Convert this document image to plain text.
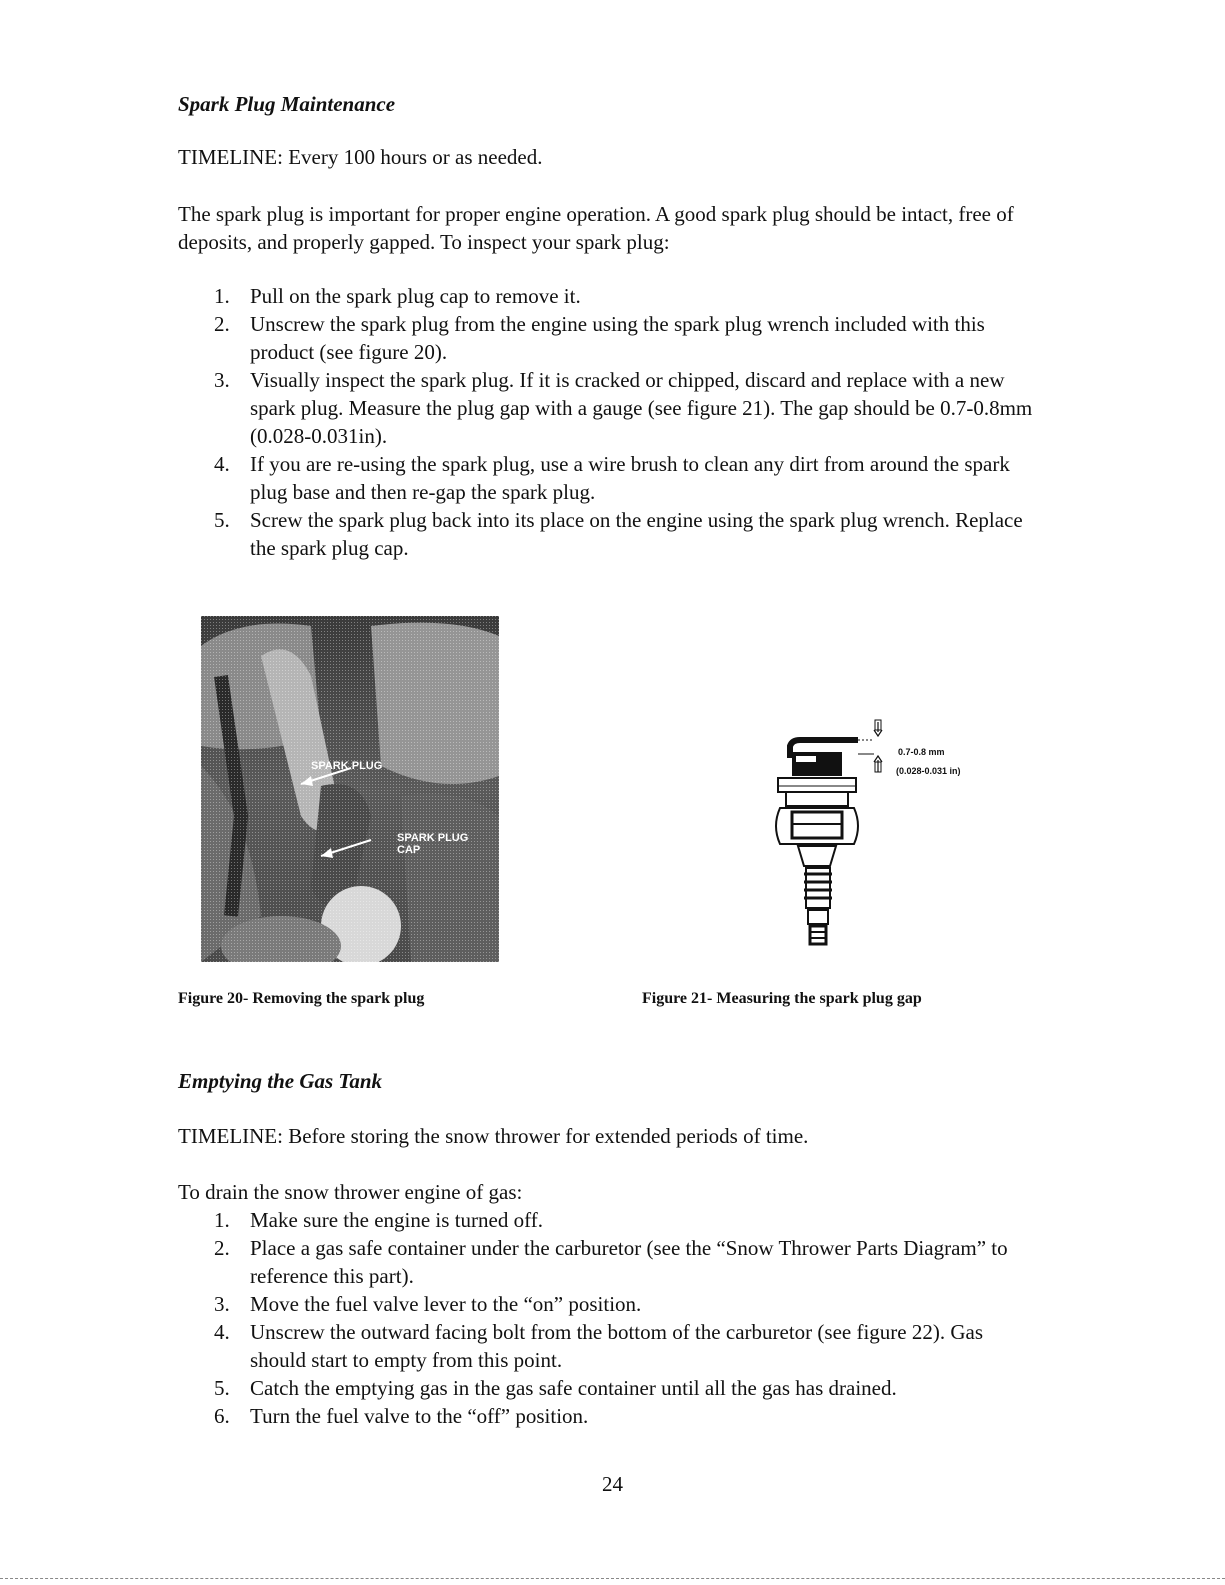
Spark Plug Maintenance

TIMELINE: Every 100 hours or as needed.

The spark plug is important for proper engine operation. A good spark plug should be intact, free of deposits, and properly gapped. To inspect your spark plug:

1. Pull on the spark plug cap to remove it.
2. Unscrew the spark plug from the engine using the spark plug wrench included with this product (see figure 20).
3. Visually inspect the spark plug. If it is cracked or chipped, discard and replace with a new spark plug. Measure the plug gap with a gauge (see figure 21). The gap should be 0.7-0.8mm (0.028-0.031in).
4. If you are re-using the spark plug, use a wire brush to clean any dirt from around the spark plug base and then re-gap the spark plug.
5. Screw the spark plug back into its place on the engine using the spark plug wrench. Replace the spark plug cap.
SPARK PLUG
SPARK PLUG
CAP
0.7-0.8 mm
(0.028-0.031 in)

Figure 20- Removing the spark plug	Figure 21- Measuring the spark plug gap

Emptying the Gas Tank

TIMELINE: Before storing the snow thrower for extended periods of time.

To drain the snow thrower engine of gas:

1. Make sure the engine is turned off.
2. Place a gas safe container under the carburetor (see the “Snow Thrower Parts Diagram” to reference this part).
3. Move the fuel valve lever to the “on” position.
4. Unscrew the outward facing bolt from the bottom of the carburetor (see figure 22). Gas should start to empty from this point.
5. Catch the emptying gas in the gas safe container until all the gas has drained.
6. Turn the fuel valve to the “off” position.
24
